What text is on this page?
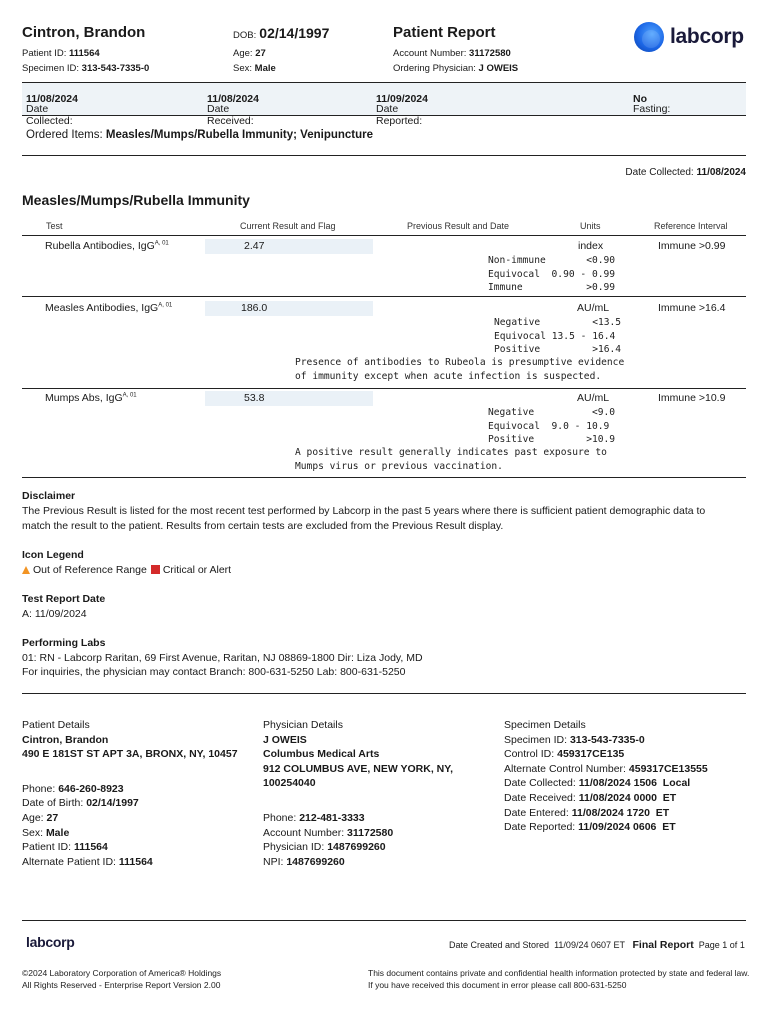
Cintron, Brandon
Patient ID: 111564
Specimen ID: 313-543-7335-0
DOB: 02/14/1997
Age: 27
Sex: Male
Patient Report
Account Number: 31172580
Ordering Physician: J OWEIS
labcorp
Date Collected:
11/08/2024
Date Received:
11/08/2024
Date Reported:
11/09/2024
Fasting:
No
Ordered Items: Measles/Mumps/Rubella Immunity; Venipuncture
Date Collected: 11/08/2024
Measles/Mumps/Rubella Immunity
Test	Current Result and Flag	Previous Result and Date	Units	Reference Interval
Rubella Antibodies, IgG$^{A, 01}$	2.47	index	Immune >0.99
Non-immune       <0.90
Equivocal  0.90 - 0.99
Immune           >0.99
Measles Antibodies, IgG$^{A, 01}$	186.0	AU/mL	Immune >16.4
Negative         <13.5
Equivocal 13.5 - 16.4
Positive         >16.4
Presence of antibodies to Rubeola is presumptive evidence
of immunity except when acute infection is suspected.
Mumps Abs, IgG$^{A, 01}$	53.8	AU/mL	Immune >10.9
Negative          <9.0
Equivocal  9.0 - 10.9
Positive         >10.9
A positive result generally indicates past exposure to
Mumps virus or previous vaccination.
Disclaimer
The Previous Result is listed for the most recent test performed by Labcorp in the past 5 years where there is sufficient patient demographic data to match the result to the patient. Results from certain tests are excluded from the Previous Result display.
Icon Legend
Out of Reference Range Critical or Alert
Test Report Date
A: 11/09/2024
Performing Labs
01: RN - Labcorp Raritan, 69 First Avenue, Raritan, NJ 08869-1800 Dir: Liza Jody, MD
For inquiries, the physician may contact Branch: 800-631-5250 Lab: 800-631-5250
Patient Details
Cintron, Brandon
490 E 181ST ST APT 3A, BRONX, NY, 10457
Phone: 646-260-8923
Date of Birth: 02/14/1997
Age: 27
Sex: Male
Patient ID: 111564
Alternate Patient ID: 111564
Physician Details
J OWEIS
Columbus Medical Arts
912 COLUMBUS AVE, NEW YORK, NY,
100254040
Phone: 212-481-3333
Account Number: 31172580
Physician ID: 1487699260
NPI: 1487699260
Specimen Details
Specimen ID: 313-543-7335-0
Control ID: 459317CE135
Alternate Control Number: 459317CE13555
Date Collected: 11/08/2024 1506  Local
Date Received: 11/08/2024 0000  ET
Date Entered: 11/08/2024 1720  ET
Date Reported: 11/09/2024 0606  ET
labcorp	Date Created and Stored 11/09/24 0607 ET Final Report Page 1 of 1
©2024 Laboratory Corporation of America® Holdings
All Rights Reserved - Enterprise Report Version 2.00
This document contains private and confidential health information protected by state and federal law.
If you have received this document in error please call 800-631-5250
